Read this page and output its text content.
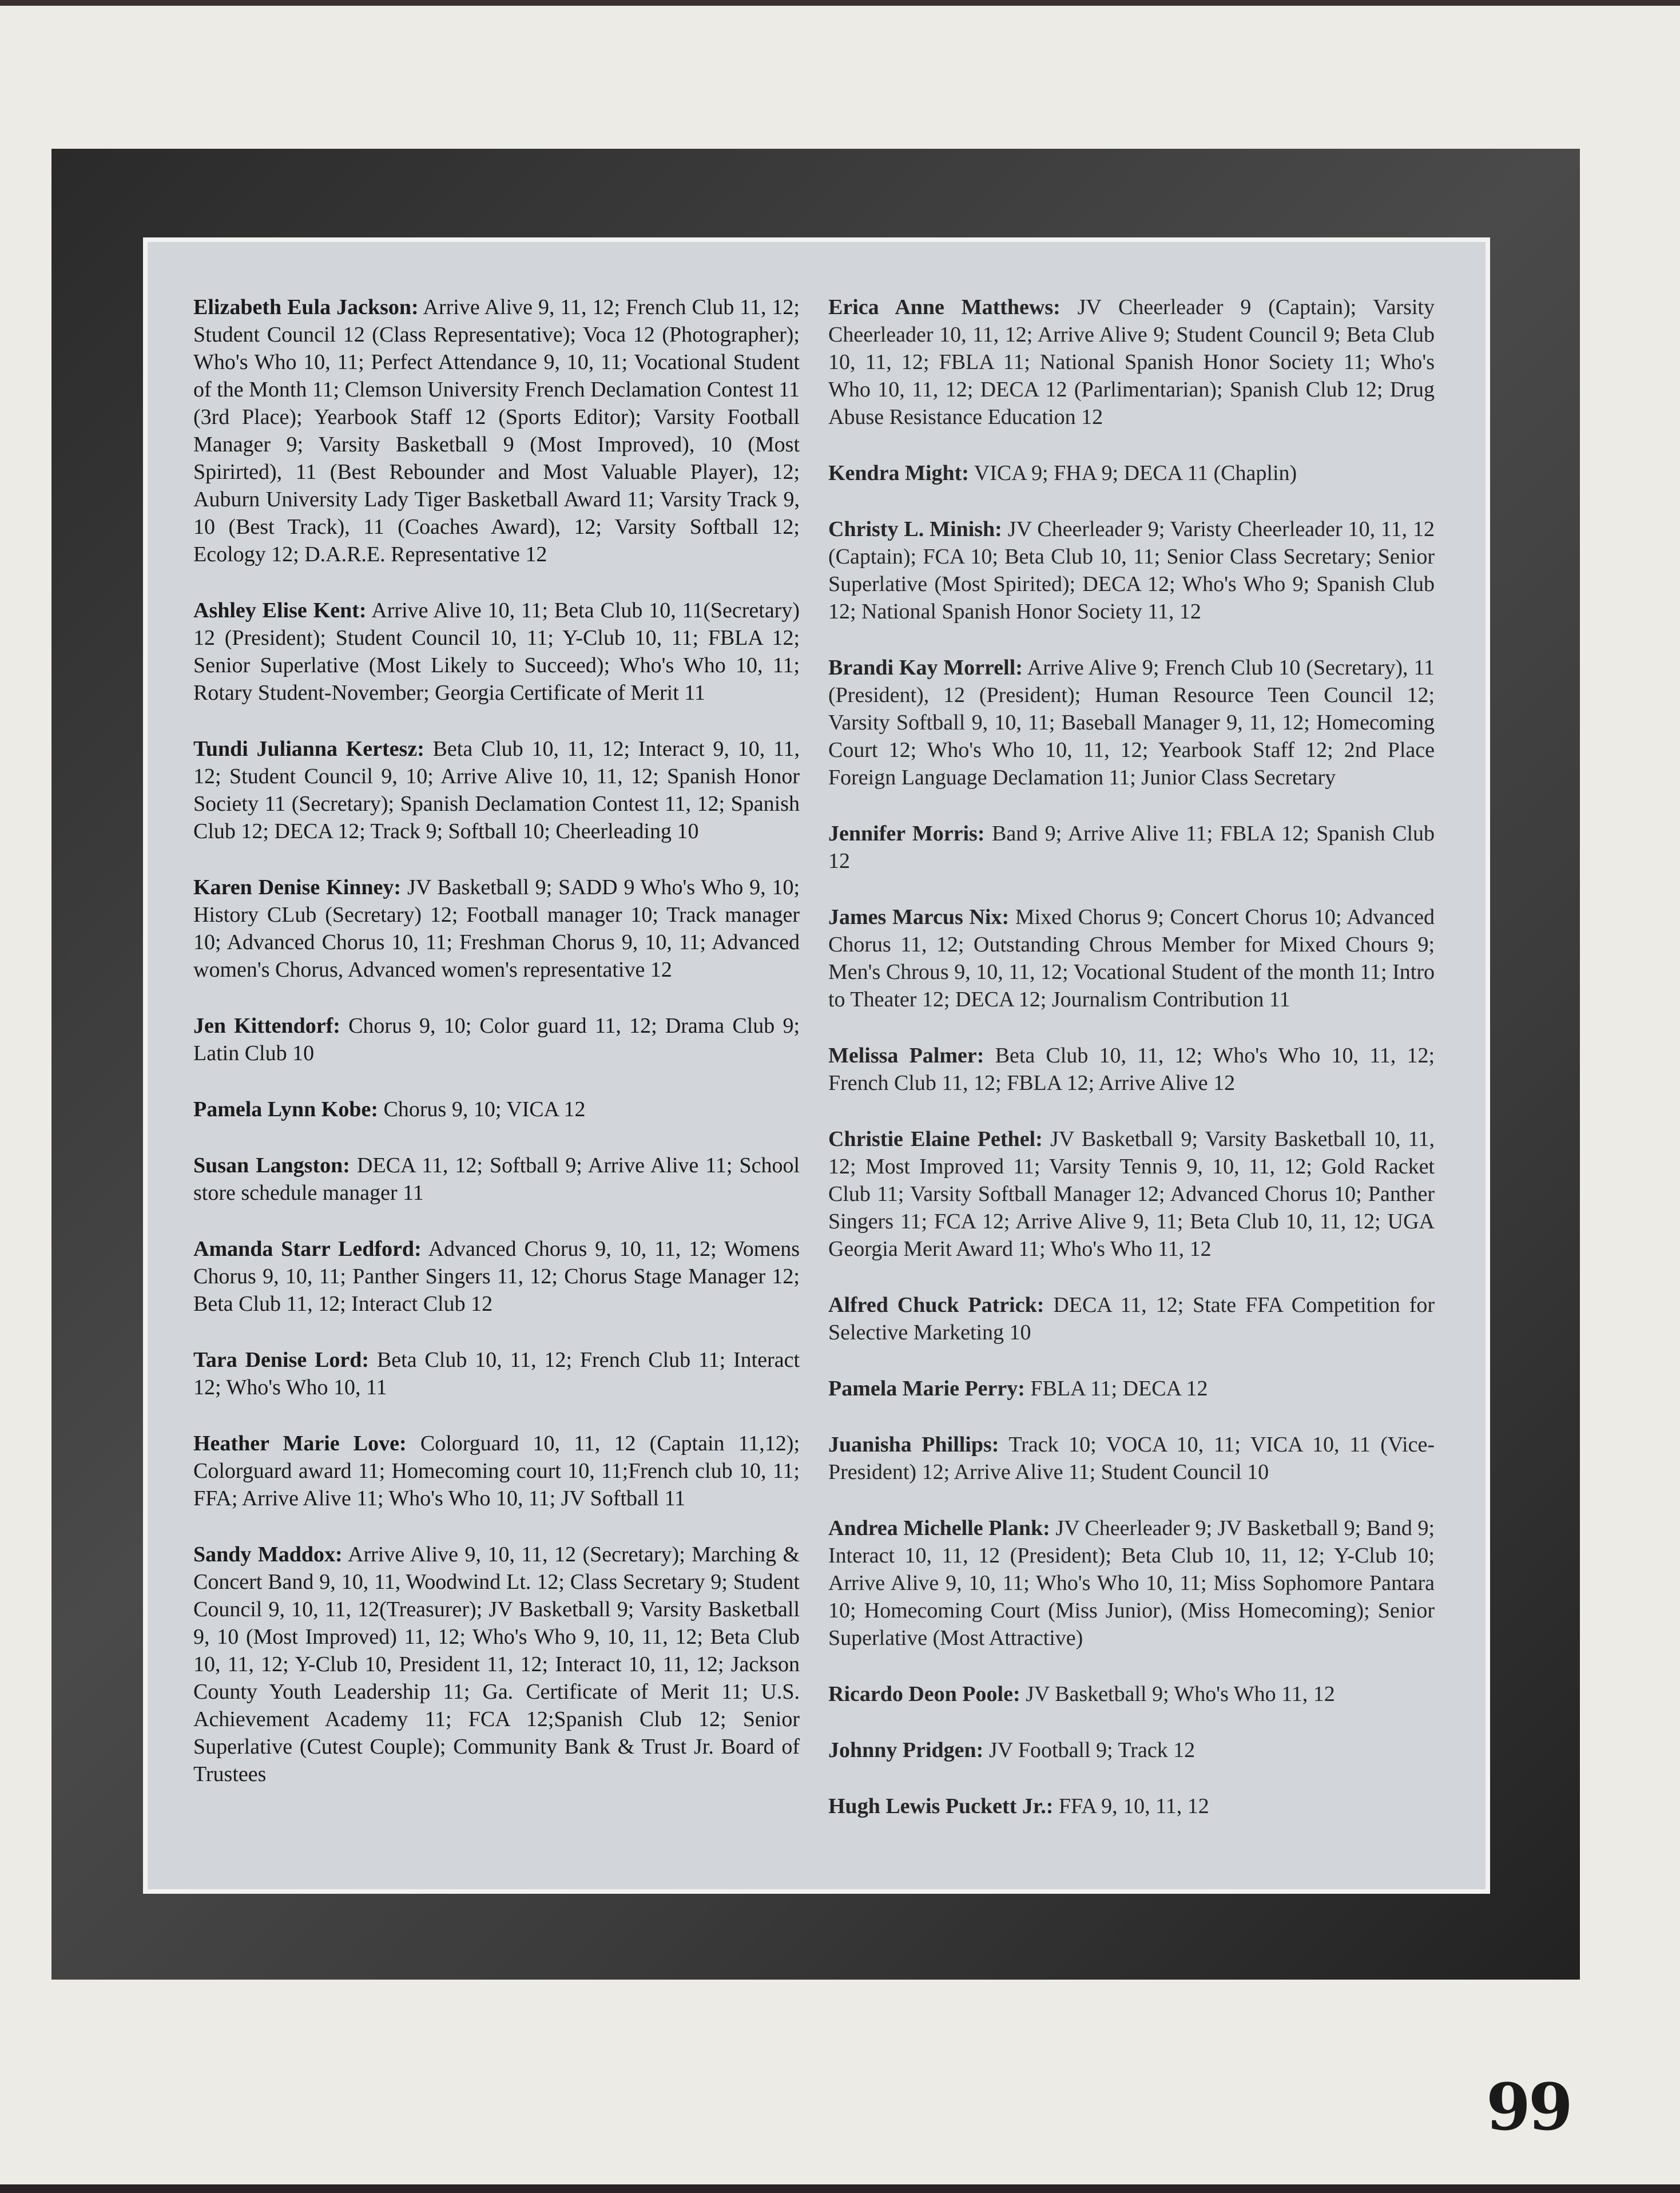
Elizabeth Eula Jackson: Arrive Alive 9, 11, 12; French Club 11, 12; Student Council 12 (Class Representative); Voca 12 (Photographer); Who's Who 10, 11; Perfect Attendance 9, 10, 11; Vocational Student of the Month 11; Clemson University French Declamation Contest 11 (3rd Place); Yearbook Staff 12 (Sports Editor); Varsity Football Manager 9; Varsity Basketball 9 (Most Improved), 10 (Most Spirirted), 11 (Best Rebounder and Most Valuable Player), 12; Auburn University Lady Tiger Basketball Award 11; Varsity Track 9, 10 (Best Track), 11 (Coaches Award), 12; Varsity Softball 12; Ecology 12; D.A.R.E. Representative 12

Ashley Elise Kent: Arrive Alive 10, 11; Beta Club 10, 11(Secretary) 12 (President); Student Council 10, 11; Y-Club 10, 11; FBLA 12; Senior Superlative (Most Likely to Succeed); Who's Who 10, 11; Rotary Student-November; Georgia Certificate of Merit 11

Tundi Julianna Kertesz: Beta Club 10, 11, 12; Interact 9, 10, 11, 12; Student Council 9, 10; Arrive Alive 10, 11, 12; Spanish Honor Society 11 (Secretary); Spanish Declamation Contest 11, 12; Spanish Club 12; DECA 12; Track 9; Softball 10; Cheerleading 10

Karen Denise Kinney: JV Basketball 9; SADD 9 Who's Who 9, 10; History CLub (Secretary) 12; Football manager 10; Track manager 10; Advanced Chorus 10, 11; Freshman Chorus 9, 10, 11; Advanced women's Chorus, Advanced women's representative 12

Jen Kittendorf: Chorus 9, 10; Color guard 11, 12; Drama Club 9; Latin Club 10

Pamela Lynn Kobe: Chorus 9, 10; VICA 12

Susan Langston: DECA 11, 12; Softball 9; Arrive Alive 11; School store schedule manager 11

Amanda Starr Ledford: Advanced Chorus 9, 10, 11, 12; Womens Chorus 9, 10, 11; Panther Singers 11, 12; Chorus Stage Manager 12; Beta Club 11, 12; Interact Club 12

Tara Denise Lord: Beta Club 10, 11, 12; French Club 11; Interact 12; Who's Who 10, 11

Heather Marie Love: Colorguard 10, 11, 12 (Captain 11,12); Colorguard award 11; Homecoming court 10, 11;French club 10, 11; FFA; Arrive Alive 11; Who's Who 10, 11; JV Softball 11

Sandy Maddox: Arrive Alive 9, 10, 11, 12 (Secretary); Marching & Concert Band 9, 10, 11, Woodwind Lt. 12; Class Secretary 9; Student Council 9, 10, 11, 12(Treasurer); JV Basketball 9; Varsity Basketball 9, 10 (Most Improved) 11, 12; Who's Who 9, 10, 11, 12; Beta Club 10, 11, 12; Y-Club 10, President 11, 12; Interact 10, 11, 12; Jackson County Youth Leadership 11; Ga. Certificate of Merit 11; U.S. Achievement Academy 11; FCA 12;Spanish Club 12; Senior Superlative (Cutest Couple); Community Bank & Trust Jr. Board of Trustees

Erica Anne Matthews: JV Cheerleader 9 (Captain); Varsity Cheerleader 10, 11, 12; Arrive Alive 9; Student Council 9; Beta Club 10, 11, 12; FBLA 11; National Spanish Honor Society 11; Who's Who 10, 11, 12; DECA 12 (Parlimentarian); Spanish Club 12; Drug Abuse Resistance Education 12

Kendra Might: VICA 9; FHA 9; DECA 11 (Chaplin)

Christy L. Minish: JV Cheerleader 9; Varisty Cheerleader 10, 11, 12 (Captain); FCA 10; Beta Club 10, 11; Senior Class Secretary; Senior Superlative (Most Spirited); DECA 12; Who's Who 9; Spanish Club 12; National Spanish Honor Society 11, 12

Brandi Kay Morrell: Arrive Alive 9; French Club 10 (Secretary), 11 (President), 12 (President); Human Resource Teen Council 12; Varsity Softball 9, 10, 11; Baseball Manager 9, 11, 12; Homecoming Court 12; Who's Who 10, 11, 12; Yearbook Staff 12; 2nd Place Foreign Language Declamation 11; Junior Class Secretary

Jennifer Morris: Band 9; Arrive Alive 11; FBLA 12; Spanish Club 12

James Marcus Nix: Mixed Chorus 9; Concert Chorus 10; Advanced Chorus 11, 12; Outstanding Chrous Member for Mixed Chours 9; Men's Chrous 9, 10, 11, 12; Vocational Student of the month 11; Intro to Theater 12; DECA 12; Journalism Contribution 11

Melissa Palmer: Beta Club 10, 11, 12; Who's Who 10, 11, 12; French Club 11, 12; FBLA 12; Arrive Alive 12

Christie Elaine Pethel: JV Basketball 9; Varsity Basketball 10, 11, 12; Most Improved 11; Varsity Tennis 9, 10, 11, 12; Gold Racket Club 11; Varsity Softball Manager 12; Advanced Chorus 10; Panther Singers 11; FCA 12; Arrive Alive 9, 11; Beta Club 10, 11, 12; UGA Georgia Merit Award 11; Who's Who 11, 12

Alfred Chuck Patrick: DECA 11, 12; State FFA Competition for Selective Marketing 10

Pamela Marie Perry: FBLA 11; DECA 12

Juanisha Phillips: Track 10; VOCA 10, 11; VICA 10, 11 (Vice-President) 12; Arrive Alive 11; Student Council 10

Andrea Michelle Plank: JV Cheerleader 9; JV Basketball 9; Band 9; Interact 10, 11, 12 (President); Beta Club 10, 11, 12; Y-Club 10; Arrive Alive 9, 10, 11; Who's Who 10, 11; Miss Sophomore Pantara 10; Homecoming Court (Miss Junior), (Miss Homecoming); Senior Superlative (Most Attractive)

Ricardo Deon Poole: JV Basketball 9; Who's Who 11, 12

Johnny Pridgen: JV Football 9; Track 12

Hugh Lewis Puckett Jr.: FFA 9, 10, 11, 12

99
